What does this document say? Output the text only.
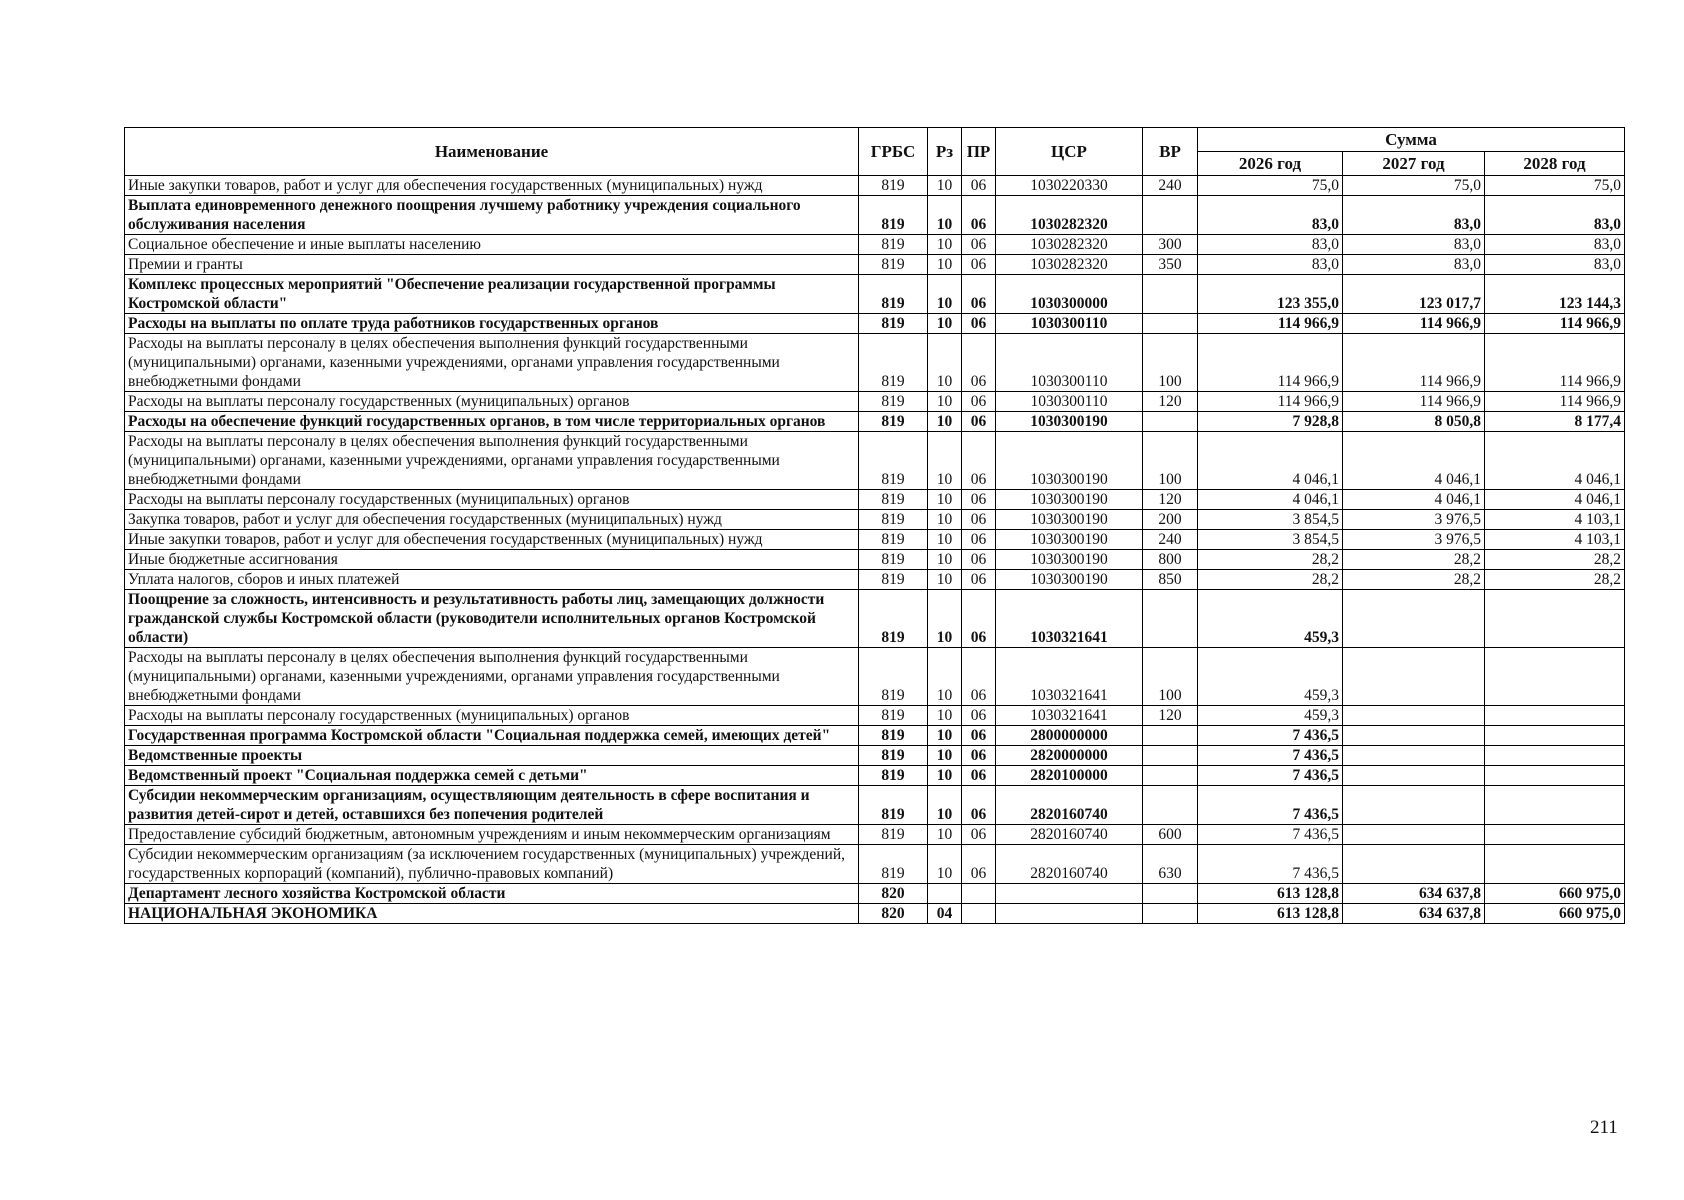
Наименование	ГРБС	Рз	ПР	ЦСР	ВР	Сумма		
						2026 год	2027 год	2028 год
Иные закупки товаров, работ и услуг для обеспечения государственных (муниципальных) нужд	819	10	06	1030220330	240	75,0	75,0	75,0
Выплата единовременного денежного поощрения лучшему работнику учреждения социального обслуживания населения	819	10	06	1030282320		83,0	83,0	83,0
Социальное обеспечение и иные выплаты населению	819	10	06	1030282320	300	83,0	83,0	83,0
Премии и гранты	819	10	06	1030282320	350	83,0	83,0	83,0
Комплекс процессных мероприятий "Обеспечение реализации государственной программы Костромской области"	819	10	06	1030300000		123 355,0	123 017,7	123 144,3
Расходы на выплаты по оплате труда работников государственных органов	819	10	06	1030300110		114 966,9	114 966,9	114 966,9
Расходы на выплаты персоналу в целях обеспечения выполнения функций государственными (муниципальными) органами, казенными учреждениями, органами управления государственными внебюджетными фондами	819	10	06	1030300110	100	114 966,9	114 966,9	114 966,9
Расходы на выплаты персоналу государственных (муниципальных) органов	819	10	06	1030300110	120	114 966,9	114 966,9	114 966,9
Расходы на обеспечение функций государственных органов, в том числе территориальных органов	819	10	06	1030300190		7 928,8	8 050,8	8 177,4
Расходы на выплаты персоналу в целях обеспечения выполнения функций государственными (муниципальными) органами, казенными учреждениями, органами управления государственными внебюджетными фондами	819	10	06	1030300190	100	4 046,1	4 046,1	4 046,1
Расходы на выплаты персоналу государственных (муниципальных) органов	819	10	06	1030300190	120	4 046,1	4 046,1	4 046,1
Закупка товаров, работ и услуг для обеспечения государственных (муниципальных) нужд	819	10	06	1030300190	200	3 854,5	3 976,5	4 103,1
Иные закупки товаров, работ и услуг для обеспечения государственных (муниципальных) нужд	819	10	06	1030300190	240	3 854,5	3 976,5	4 103,1
Иные бюджетные ассигнования	819	10	06	1030300190	800	28,2	28,2	28,2
Уплата налогов, сборов и иных платежей	819	10	06	1030300190	850	28,2	28,2	28,2
Поощрение за сложность, интенсивность и результативность работы лиц, замещающих должности гражданской службы Костромской области (руководители исполнительных органов Костромской области)	819	10	06	1030321641		459,3		
Расходы на выплаты персоналу в целях обеспечения выполнения функций государственными (муниципальными) органами, казенными учреждениями, органами управления государственными внебюджетными фондами	819	10	06	1030321641	100	459,3		
Расходы на выплаты персоналу государственных (муниципальных) органов	819	10	06	1030321641	120	459,3		
Государственная программа Костромской области "Социальная поддержка семей, имеющих детей"	819	10	06	2800000000		7 436,5		
Ведомственные проекты	819	10	06	2820000000		7 436,5		
Ведомственный проект "Социальная поддержка семей с детьми"	819	10	06	2820100000		7 436,5		
Субсидии некоммерческим организациям, осуществляющим деятельность в сфере воспитания и развития детей-сирот и детей, оставшихся без попечения родителей	819	10	06	2820160740		7 436,5		
Предоставление субсидий бюджетным, автономным учреждениям и иным некоммерческим организациям	819	10	06	2820160740	600	7 436,5		
Субсидии некоммерческим организациям (за исключением государственных (муниципальных) учреждений, государственных корпораций (компаний), публично-правовых компаний)	819	10	06	2820160740	630	7 436,5		
Департамент лесного хозяйства Костромской области	820					613 128,8	634 637,8	660 975,0
НАЦИОНАЛЬНАЯ ЭКОНОМИКА	820	04				613 128,8	634 637,8	660 975,0
211
